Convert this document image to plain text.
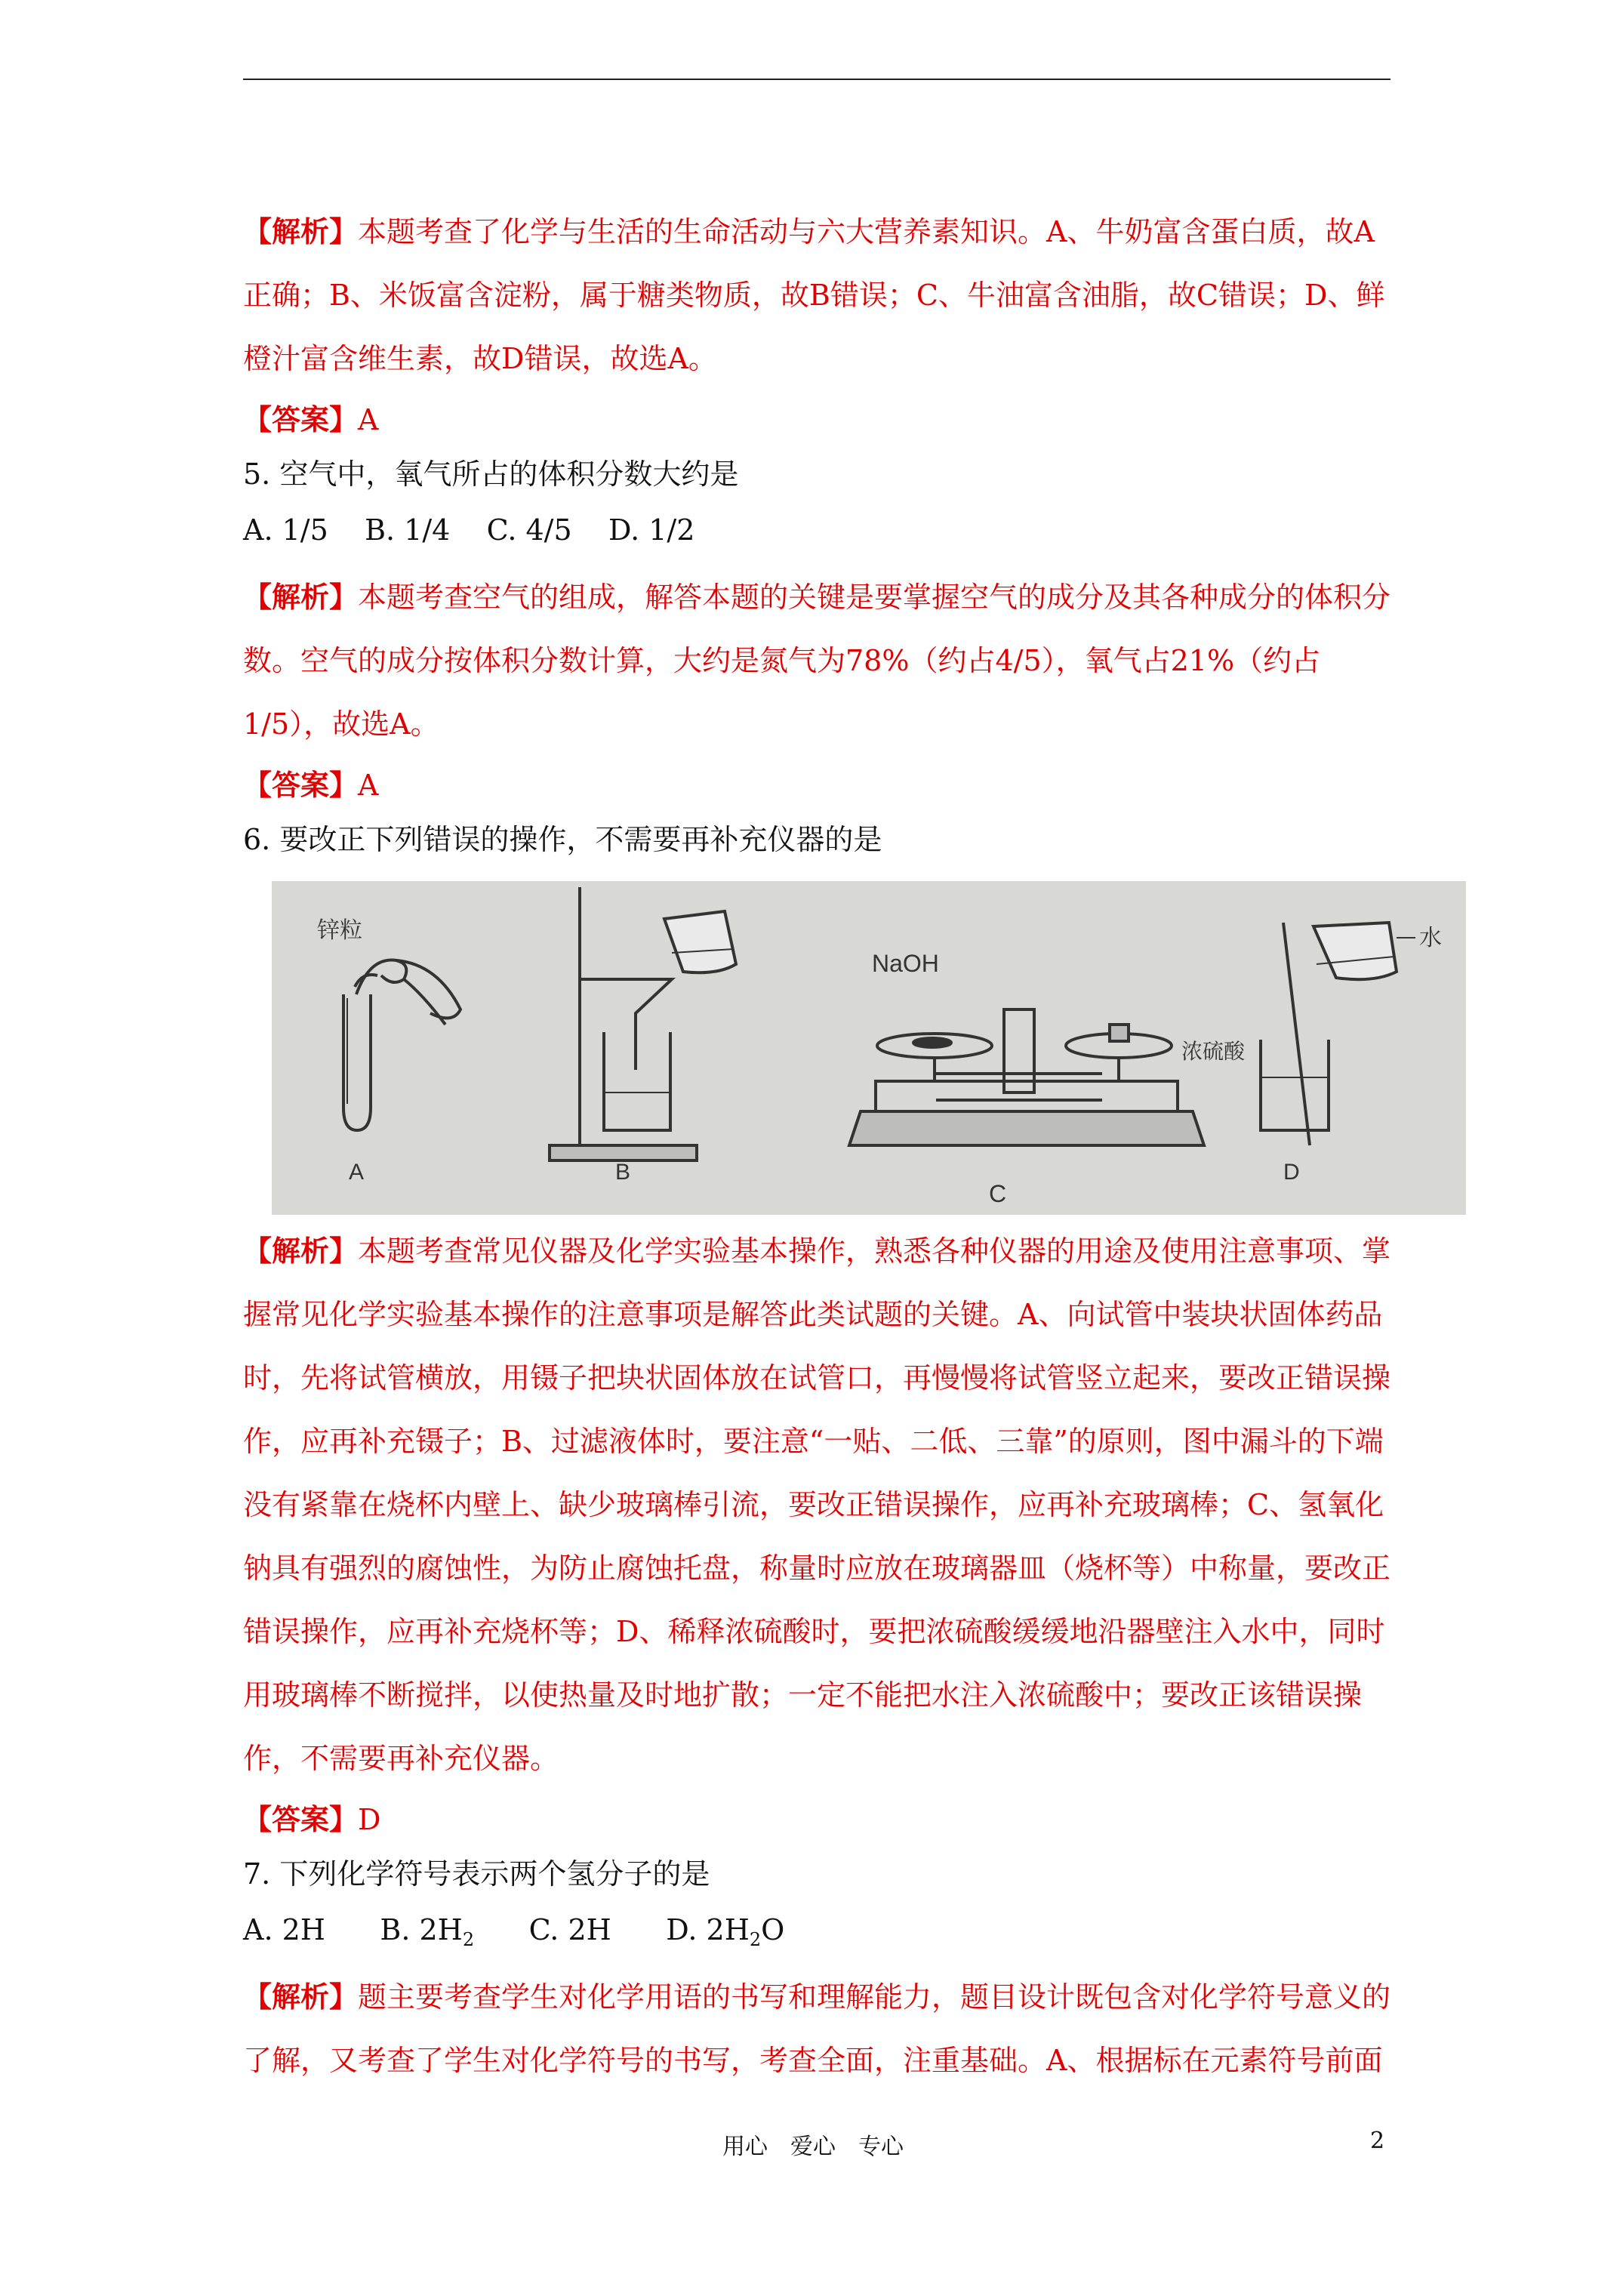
【解析】本题考查了化学与生活的生命活动与六大营养素知识。A、牛奶富含蛋白质，故A正确；B、米饭富含淀粉，属于糖类物质，故B错误；C、牛油富含油脂，故C错误；D、鲜橙汁富含维生素，故D错误，故选A。

【答案】A

5. 空气中，氧气所占的体积分数大约是

A. 1/5    B. 1/4    C. 4/5    D. 1/2

【解析】本题考查空气的组成，解答本题的关键是要掌握空气的成分及其各种成分的体积分数。空气的成分按体积分数计算，大约是氮气为78%（约占4/5），氧气占21%（约占1/5），故选A。

【答案】A

6. 要改正下列错误的操作，不需要再补充仪器的是

锌粒
NaOH
水
浓硫酸
A	B
C
D

【解析】本题考查常见仪器及化学实验基本操作，熟悉各种仪器的用途及使用注意事项、掌握常见化学实验基本操作的注意事项是解答此类试题的关键。A、向试管中装块状固体药品时，先将试管横放，用镊子把块状固体放在试管口，再慢慢将试管竖立起来，要改正错误操作，应再补充镊子；B、过滤液体时，要注意“一贴、二低、三靠”的原则，图中漏斗的下端没有紧靠在烧杯内壁上、缺少玻璃棒引流，要改正错误操作，应再补充玻璃棒；C、氢氧化钠具有强烈的腐蚀性，为防止腐蚀托盘，称量时应放在玻璃器皿（烧杯等）中称量，要改正错误操作，应再补充烧杯等；D、稀释浓硫酸时，要把浓硫酸缓缓地沿器壁注入水中，同时用玻璃棒不断搅拌，以使热量及时地扩散；一定不能把水注入浓硫酸中；要改正该错误操作，不需要再补充仪器。

【答案】D

7. 下列化学符号表示两个氢分子的是

A. 2H B. $2H_2$ C. 2H D. $2H_2O$

【解析】题主要考查学生对化学用语的书写和理解能力，题目设计既包含对化学符号意义的了解，又考查了学生对化学符号的书写，考查全面，注重基础。A、根据标在元素符号前面

用心　爱心　专心	2
